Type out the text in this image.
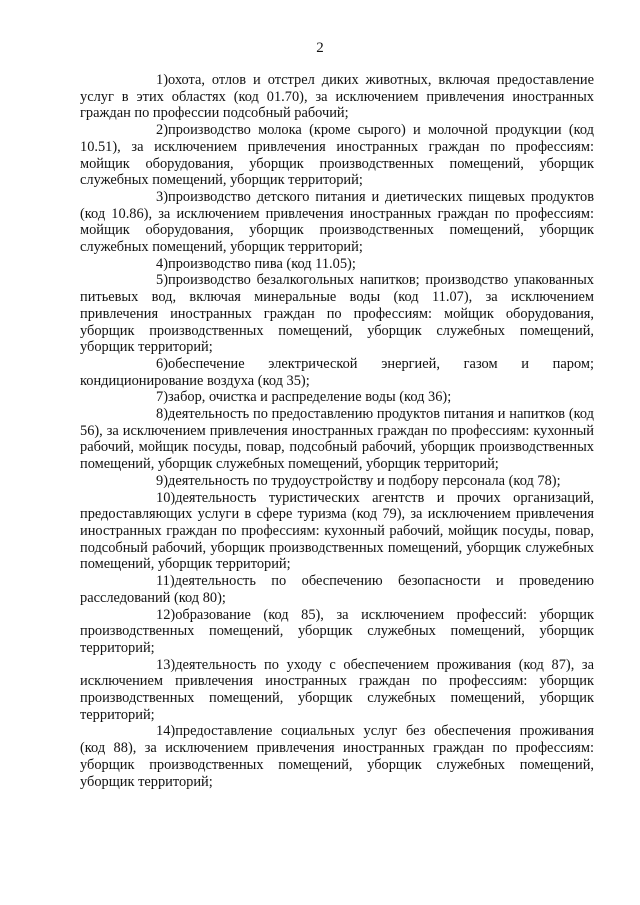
2

1)охота, отлов и отстрел диких животных, включая предоставление услуг в этих областях (код 01.70), за исключением привлечения иностранных граждан по профессии подсобный рабочий;

2)производство молока (кроме сырого) и молочной продукции (код 10.51), за исключением привлечения иностранных граждан по профессиям: мойщик оборудования, уборщик производственных помещений, уборщик служебных помещений, уборщик территорий;

3)производство детского питания и диетических пищевых продуктов (код 10.86), за исключением привлечения иностранных граждан по профессиям: мойщик оборудования, уборщик производственных помещений, уборщик служебных помещений, уборщик территорий;

4)производство пива (код 11.05);

5)производство безалкогольных напитков; производство упакованных питьевых вод, включая минеральные воды (код 11.07), за исключением привлечения иностранных граждан по профессиям: мойщик оборудования, уборщик производственных помещений, уборщик служебных помещений, уборщик территорий;

6)обеспечение электрической энергией, газом и паром; кондиционирование воздуха (код 35);

7)забор, очистка и распределение воды (код 36);

8)деятельность по предоставлению продуктов питания и напитков (код 56), за исключением привлечения иностранных граждан по профессиям: кухонный рабочий, мойщик посуды, повар, подсобный рабочий, уборщик производственных помещений, уборщик служебных помещений, уборщик территорий;

9)деятельность по трудоустройству и подбору персонала (код 78);

10)деятельность туристических агентств и прочих организаций, предоставляющих услуги в сфере туризма (код 79), за исключением привлечения иностранных граждан по профессиям: кухонный рабочий, мойщик посуды, повар, подсобный рабочий, уборщик производственных помещений, уборщик служебных помещений, уборщик территорий;

11)деятельность по обеспечению безопасности и проведению расследований (код 80);

12)образование (код 85), за исключением профессий: уборщик производственных помещений, уборщик служебных помещений, уборщик территорий;

13)деятельность по уходу с обеспечением проживания (код 87), за исключением привлечения иностранных граждан по профессиям: уборщик производственных помещений, уборщик служебных помещений, уборщик территорий;

14)предоставление социальных услуг без обеспечения проживания (код 88), за исключением привлечения иностранных граждан по профессиям: уборщик производственных помещений, уборщик служебных помещений, уборщик территорий;
